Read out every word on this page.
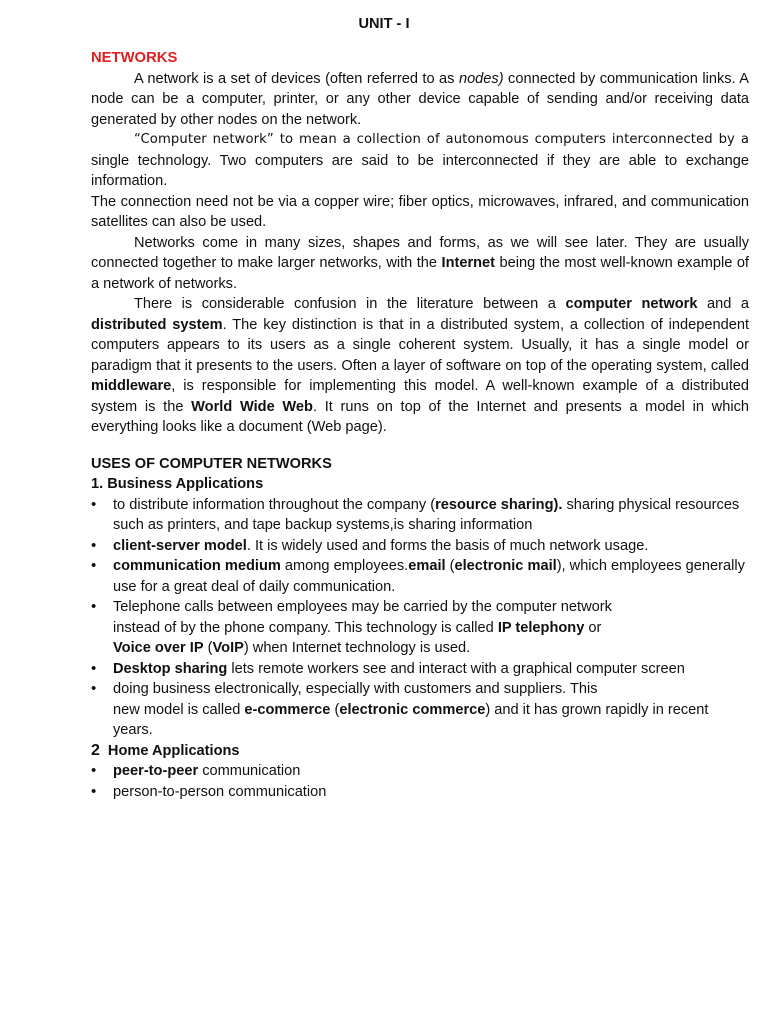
UNIT - I

NETWORKS

A network is a set of devices (often referred to as nodes) connected by communication links. A node can be a computer, printer, or any other device capable of sending and/or receiving data generated by other nodes on the network.

“Computer network” to mean a collection of autonomous computers interconnected by a

single technology. Two computers are said to be interconnected if they are able to exchange information.

The connection need not be via a copper wire; fiber optics, microwaves, infrared, and communication satellites can also be used.

Networks come in many sizes, shapes and forms, as we will see later. They are usually connected together to make larger networks, with the Internet being the most well-known example of a network of networks.

There is considerable confusion in the literature between a computer network and a distributed system. The key distinction is that in a distributed system, a collection of independent computers appears to its users as a single coherent system. Usually, it has a single model or paradigm that it presents to the users. Often a layer of software on top of the operating system, called middleware, is responsible for implementing this model. A well-known example of a distributed system is the World Wide Web. It runs on top of the Internet and presents a model in which everything looks like a document (Web page).

USES OF COMPUTER NETWORKS

1. Business Applications

• to distribute information throughout the company (resource sharing). sharing physical resources such as printers, and tape backup systems,is sharing information
• client-server model. It is widely used and forms the basis of much network usage.
• communication medium among employees.email (electronic mail), which employees generally use for a great deal of daily communication.
• Telephone calls between employees may be carried by the computer network
instead of by the phone company. This technology is called IP telephony or
Voice over IP (VoIP) when Internet technology is used.
• Desktop sharing lets remote workers see and interact with a graphical computer screen
• doing business electronically, especially with customers and suppliers. This
new model is called e-commerce (electronic commerce) and it has grown rapidly in recent years.

2 Home Applications

• peer-to-peer communication
• person-to-person communication
